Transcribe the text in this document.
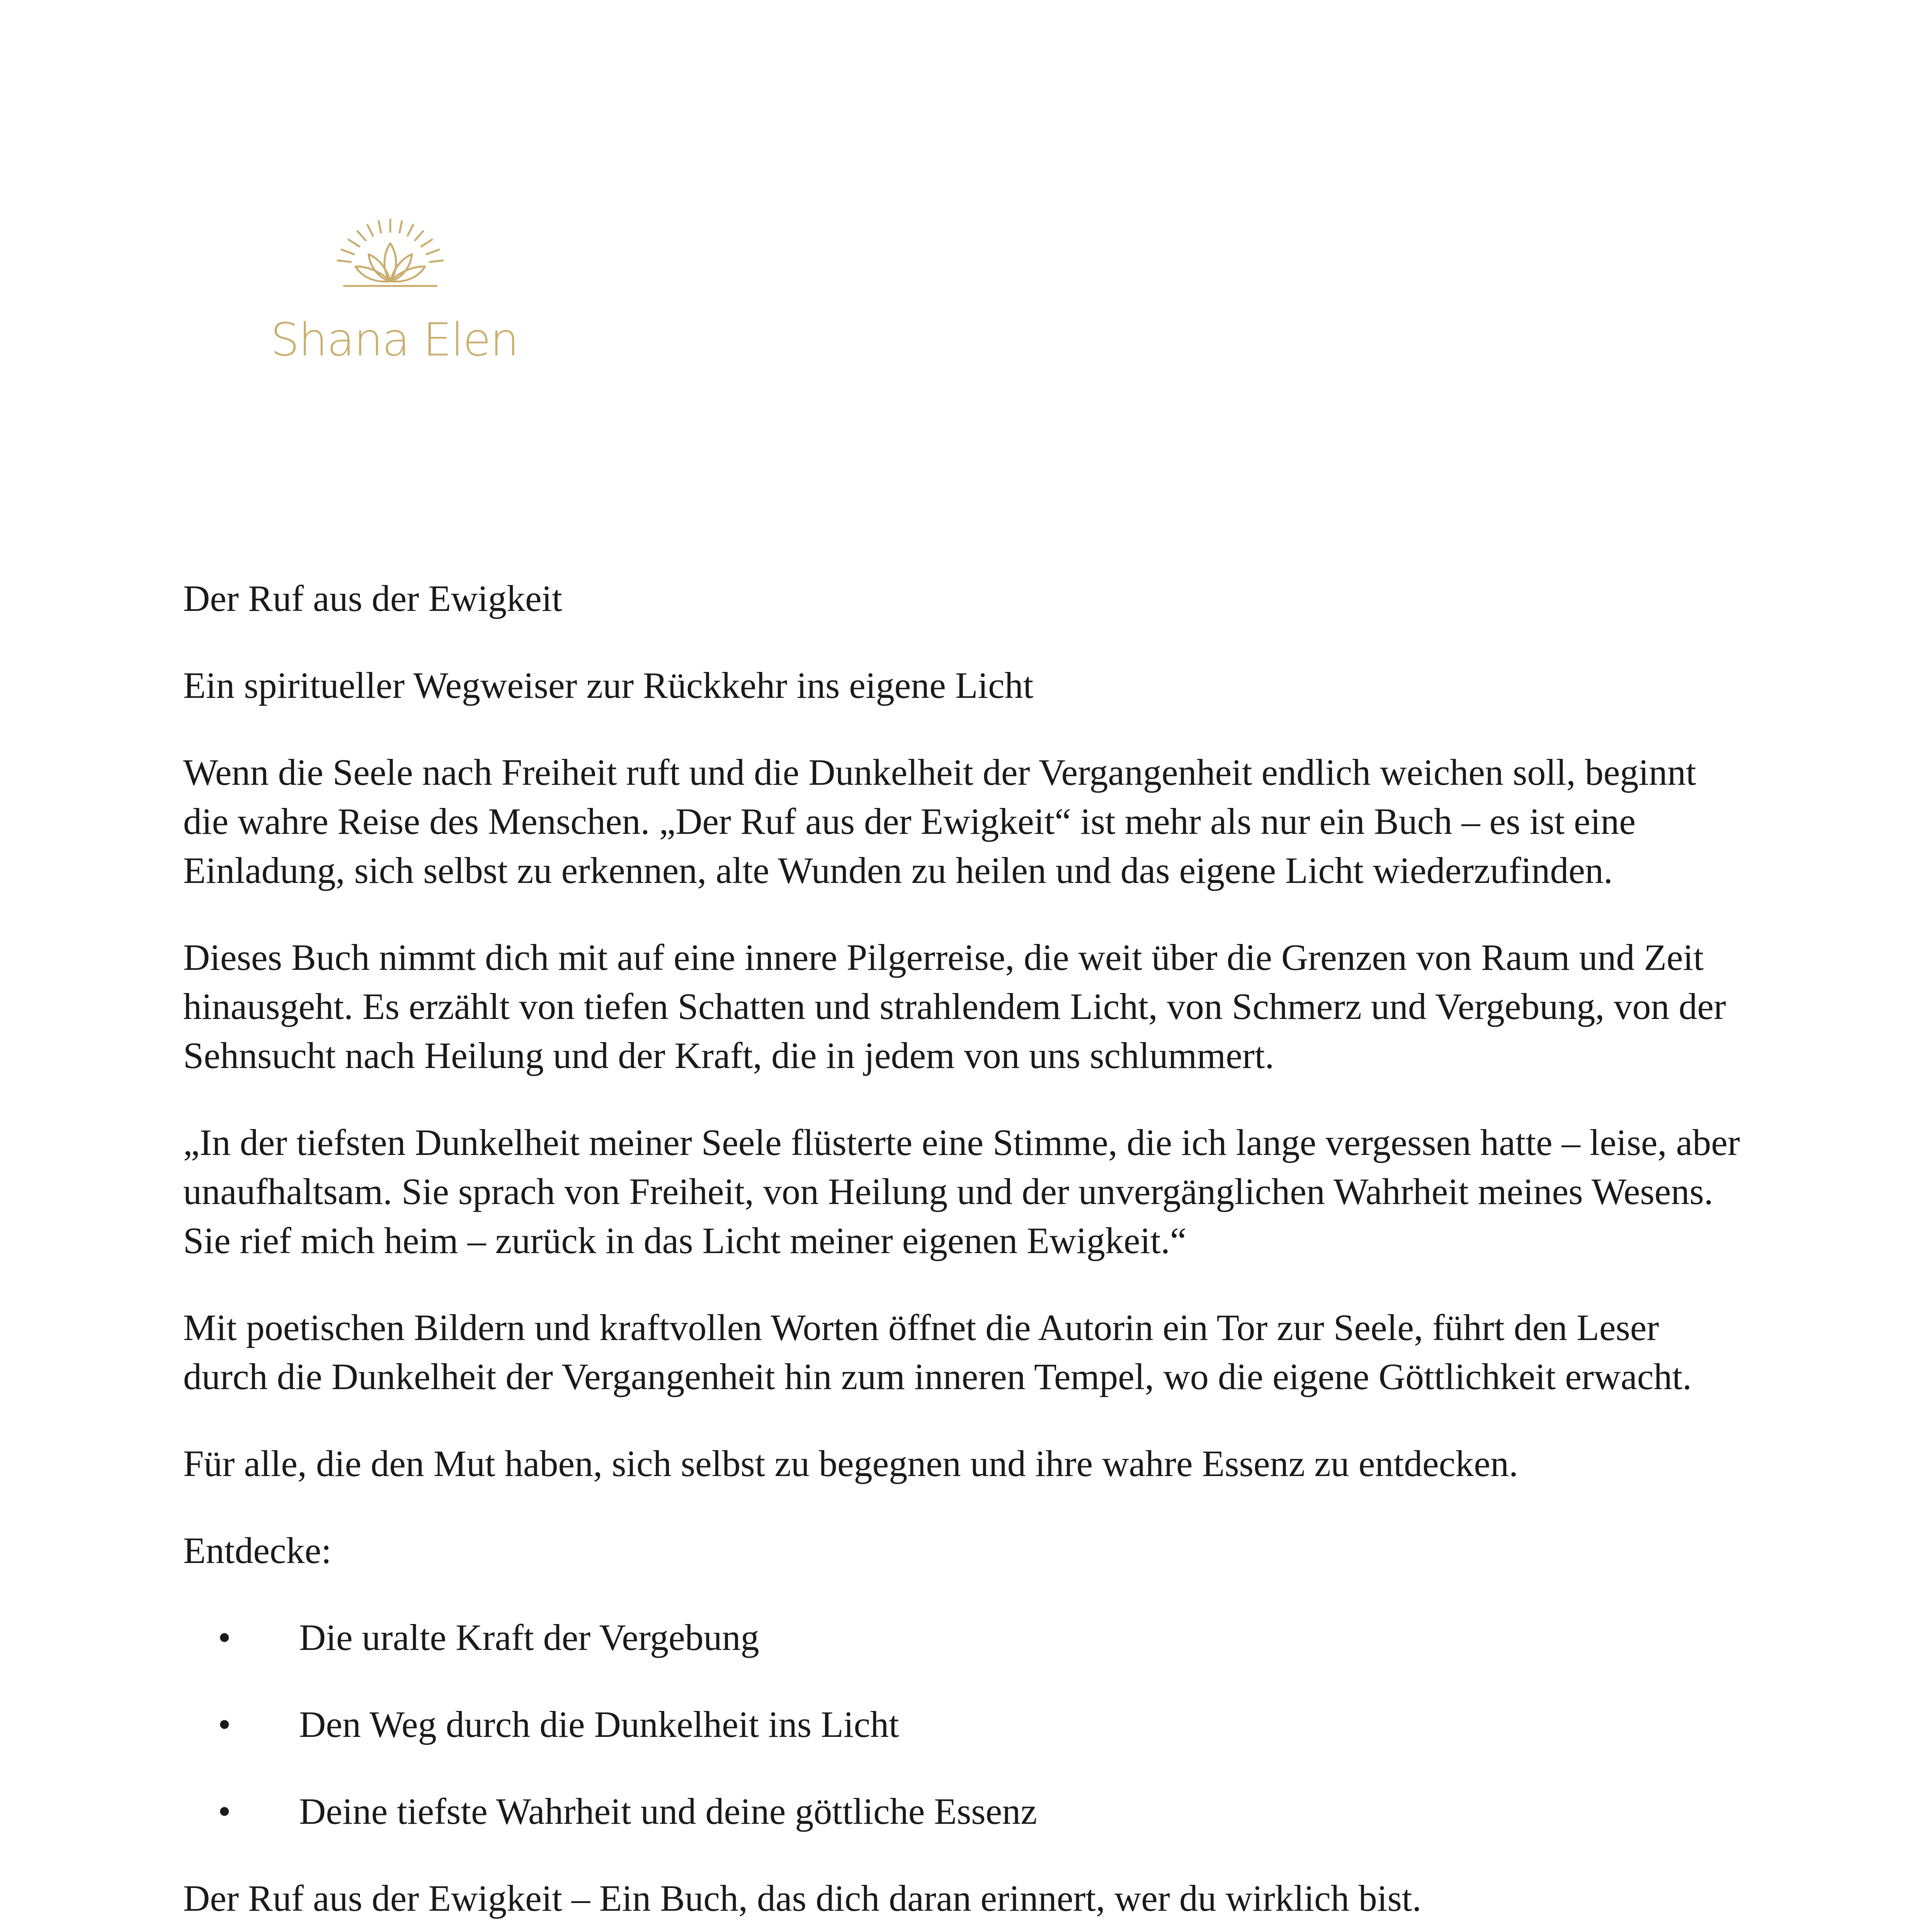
Shana Elen

Der Ruf aus der Ewigkeit

Ein spiritueller Wegweiser zur Rückkehr ins eigene Licht

Wenn die Seele nach Freiheit ruft und die Dunkelheit der Vergangenheit endlich weichen soll, beginnt die wahre Reise des Menschen. „Der Ruf aus der Ewigkeit“ ist mehr als nur ein Buch – es ist eine Einladung, sich selbst zu erkennen, alte Wunden zu heilen und das eigene Licht wiederzufinden.

Dieses Buch nimmt dich mit auf eine innere Pilgerreise, die weit über die Grenzen von Raum und Zeit hinausgeht. Es erzählt von tiefen Schatten und strahlendem Licht, von Schmerz und Vergebung, von der Sehnsucht nach Heilung und der Kraft, die in jedem von uns schlummert.

„In der tiefsten Dunkelheit meiner Seele flüsterte eine Stimme, die ich lange vergessen hatte – leise, aber unaufhaltsam. Sie sprach von Freiheit, von Heilung und der unvergänglichen Wahrheit meines Wesens. Sie rief mich heim – zurück in das Licht meiner eigenen Ewigkeit.“

Mit poetischen Bildern und kraftvollen Worten öffnet die Autorin ein Tor zur Seele, führt den Leser durch die Dunkelheit der Vergangenheit hin zum inneren Tempel, wo die eigene Göttlichkeit erwacht.

Für alle, die den Mut haben, sich selbst zu begegnen und ihre wahre Essenz zu entdecken.

Entdecke:

• Die uralte Kraft der Vergebung
• Den Weg durch die Dunkelheit ins Licht
• Deine tiefste Wahrheit und deine göttliche Essenz

Der Ruf aus der Ewigkeit – Ein Buch, das dich daran erinnert, wer du wirklich bist.
